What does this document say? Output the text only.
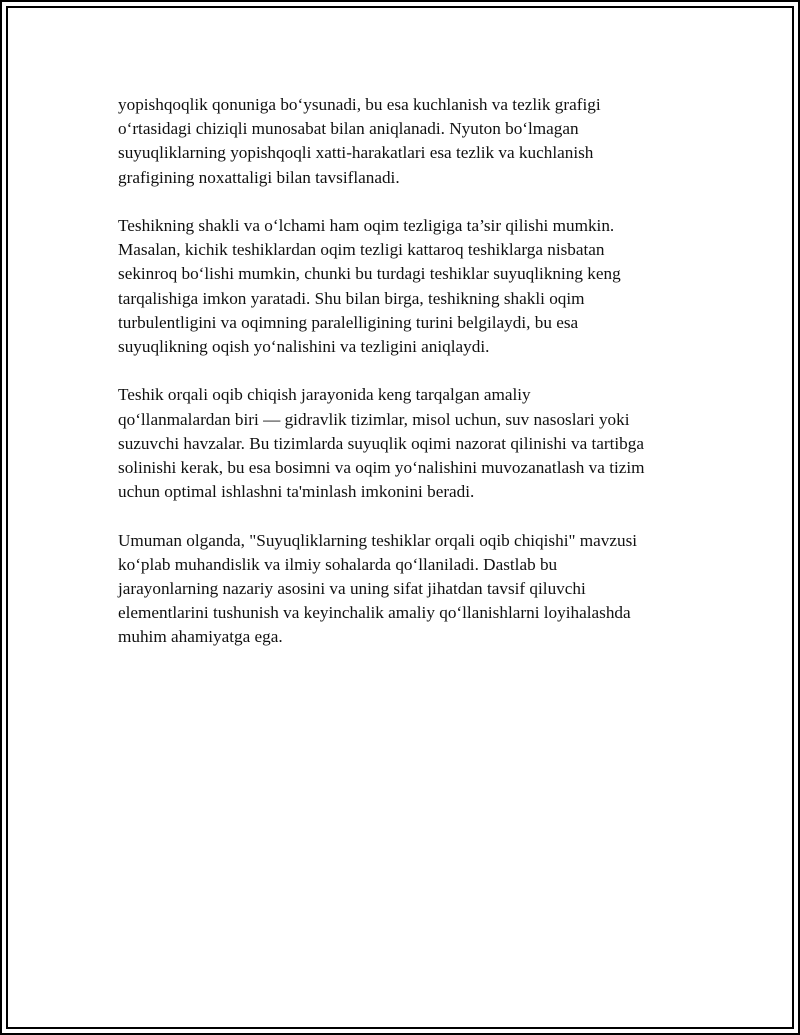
yopishqoqlik qonuniga bo‘ysunadi, bu esa kuchlanish va tezlik grafigi
o‘rtasidagi chiziqli munosabat bilan aniqlanadi. Nyuton bo‘lmagan
suyuqliklarning yopishqoqli xatti-harakatlari esa tezlik va kuchlanish
grafigining noxattaligi bilan tavsiflanadi.

Teshikning shakli va o‘lchami ham oqim tezligiga ta’sir qilishi mumkin.
Masalan, kichik teshiklardan oqim tezligi kattaroq teshiklarga nisbatan
sekinroq bo‘lishi mumkin, chunki bu turdagi teshiklar suyuqlikning keng
tarqalishiga imkon yaratadi. Shu bilan birga, teshikning shakli oqim
turbulentligini va oqimning paralelligining turini belgilaydi, bu esa
suyuqlikning oqish yo‘nalishini va tezligini aniqlaydi.

Teshik orqali oqib chiqish jarayonida keng tarqalgan amaliy
qo‘llanmalardan biri — gidravlik tizimlar, misol uchun, suv nasoslari yoki
suzuvchi havzalar. Bu tizimlarda suyuqlik oqimi nazorat qilinishi va tartibga
solinishi kerak, bu esa bosimni va oqim yo‘nalishini muvozanatlash va tizim
uchun optimal ishlashni ta'minlash imkonini beradi.

Umuman olganda, "Suyuqliklarning teshiklar orqali oqib chiqishi" mavzusi
ko‘plab muhandislik va ilmiy sohalarda qo‘llaniladi. Dastlab bu
jarayonlarning nazariy asosini va uning sifat jihatdan tavsif qiluvchi
elementlarini tushunish va keyinchalik amaliy qo‘llanishlarni loyihalashda
muhim ahamiyatga ega.
